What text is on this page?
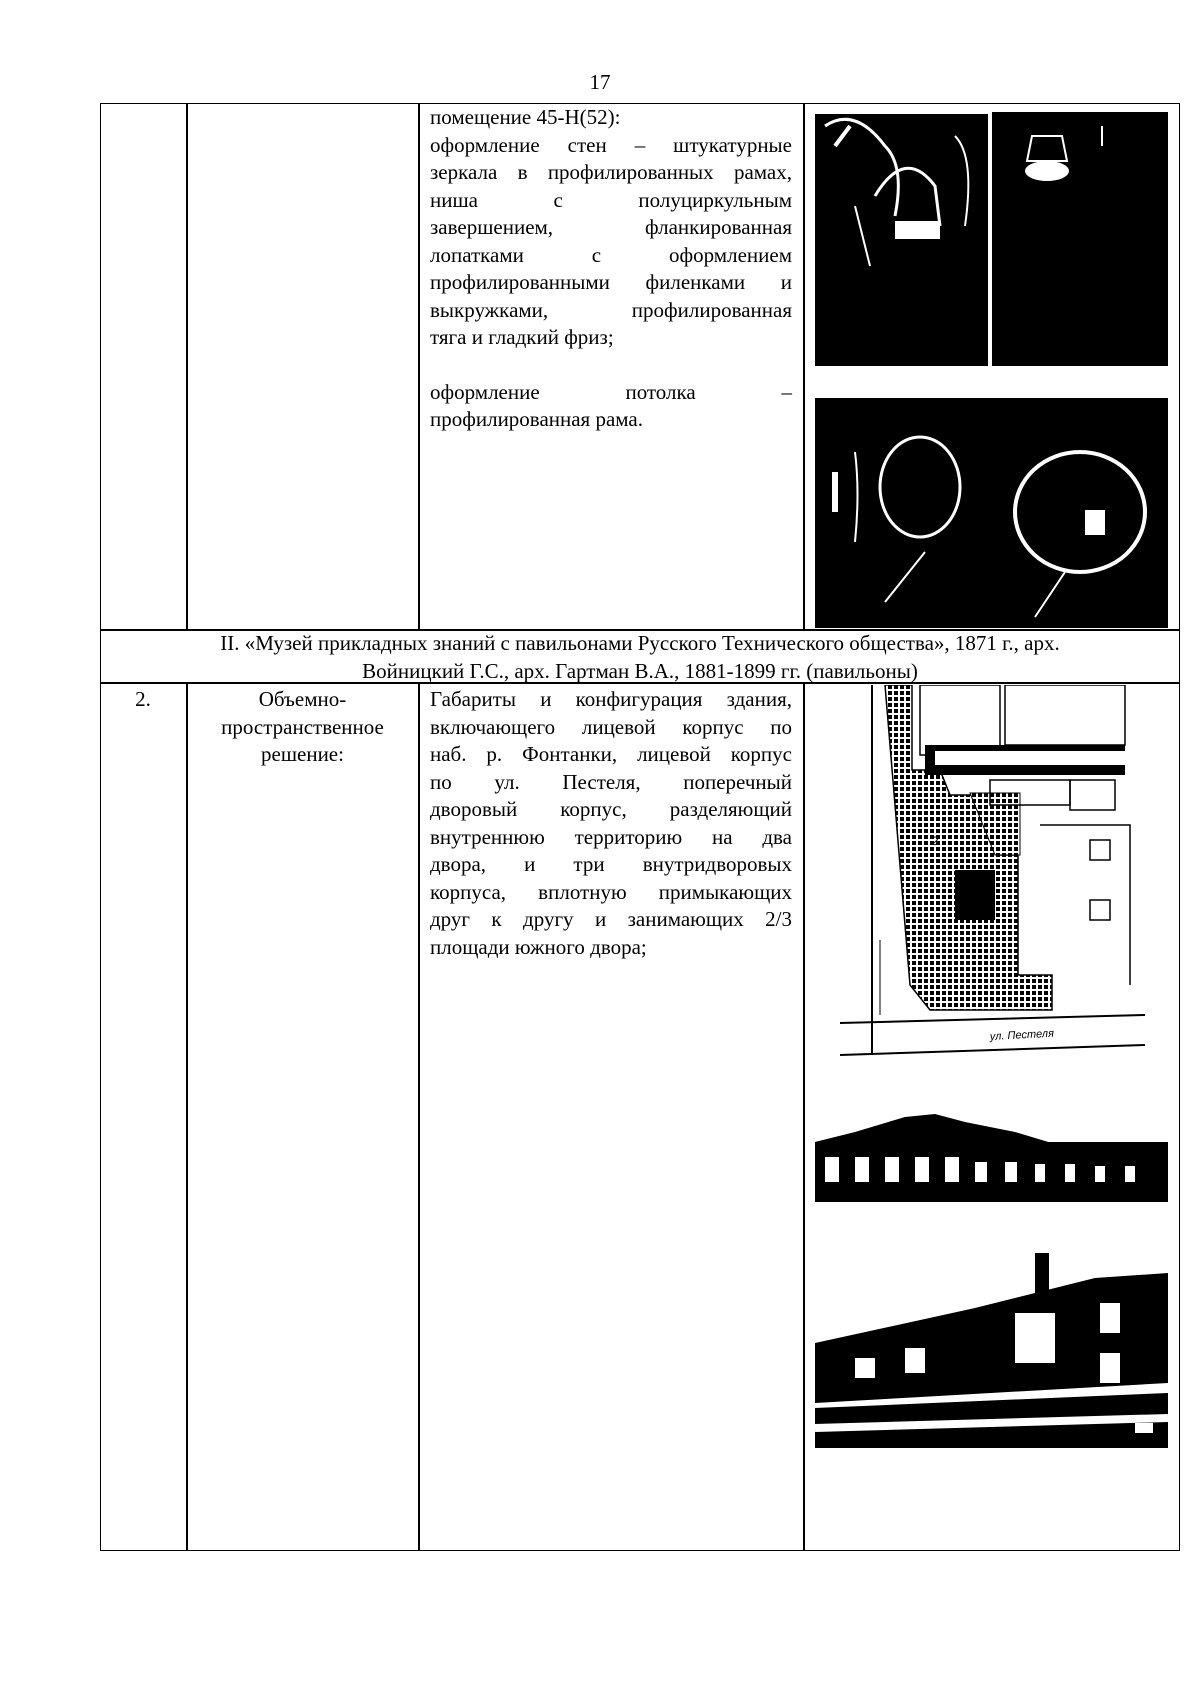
17
помещение 45-Н(52):
оформление стен – штукатурные
зеркала в профилированных рамах,
ниша с полуциркульным
завершением, фланкированная
лопатками с оформлением
профилированными филенками и
выкружками, профилированная
тяга и гладкий фриз;
оформление потолка –
профилированная рама.
II. «Музей прикладных знаний с павильонами Русского Технического общества», 1871 г., арх.
Войницкий Г.С., арх. Гартман В.А., 1881-1899 гг. (павильоны)
2.	Объемно-
пространственное
решение:
Габариты и конфигурация здания,
включающего лицевой корпус по
наб. р. Фонтанки, лицевой корпус
по ул. Пестеля, поперечный
дворовый корпус, разделяющий
внутреннюю территорию на два
двора, и три внутридворовых
корпуса, вплотную примыкающих
друг к другу и занимающих 2/3
площади южного двора;
2
ул. Пестеля
